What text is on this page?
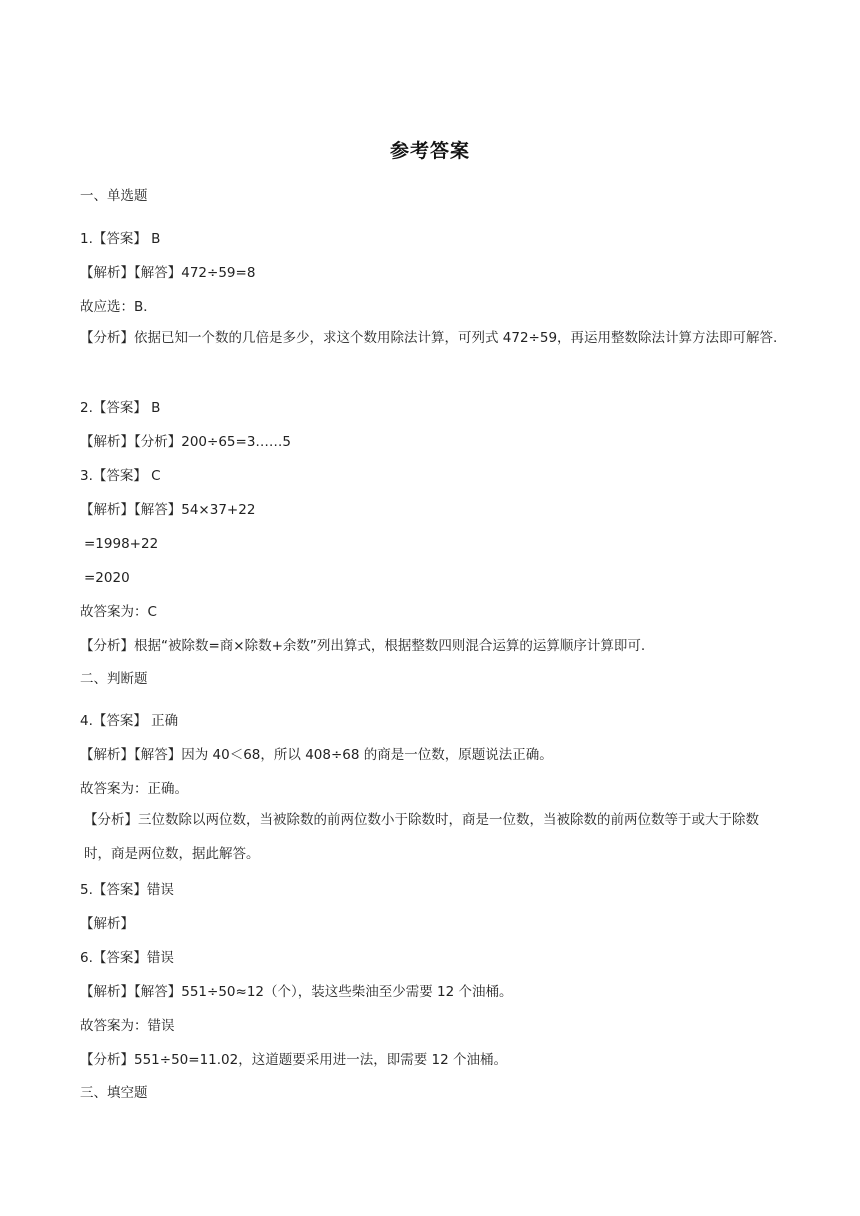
参考答案
一、单选题
1.【答案】 B
【解析】【解答】472÷59=8
故应选：B．
【分析】依据已知一个数的几倍是多少，求这个数用除法计算，可列式 472÷59，再运用整数除法计算方法即可解答.
2.【答案】 B
【解析】【分析】200÷65=3……5
3.【答案】 C
【解析】【解答】54×37+22
=1998+22
=2020
故答案为：C
【分析】根据“被除数=商×除数+余数”列出算式，根据整数四则混合运算的运算顺序计算即可.
二、判断题
4.【答案】 正确
【解析】【解答】因为 40＜68，所以 408÷68 的商是一位数，原题说法正确。
故答案为：正确。
【分析】三位数除以两位数，当被除数的前两位数小于除数时，商是一位数，当被除数的前两位数等于或大于除数时，商是两位数，据此解答。
5.【答案】错误
【解析】
6.【答案】错误
【解析】【解答】551÷50≈12（个），装这些柴油至少需要 12 个油桶。
故答案为：错误
【分析】551÷50=11.02，这道题要采用进一法，即需要 12 个油桶。
三、填空题
